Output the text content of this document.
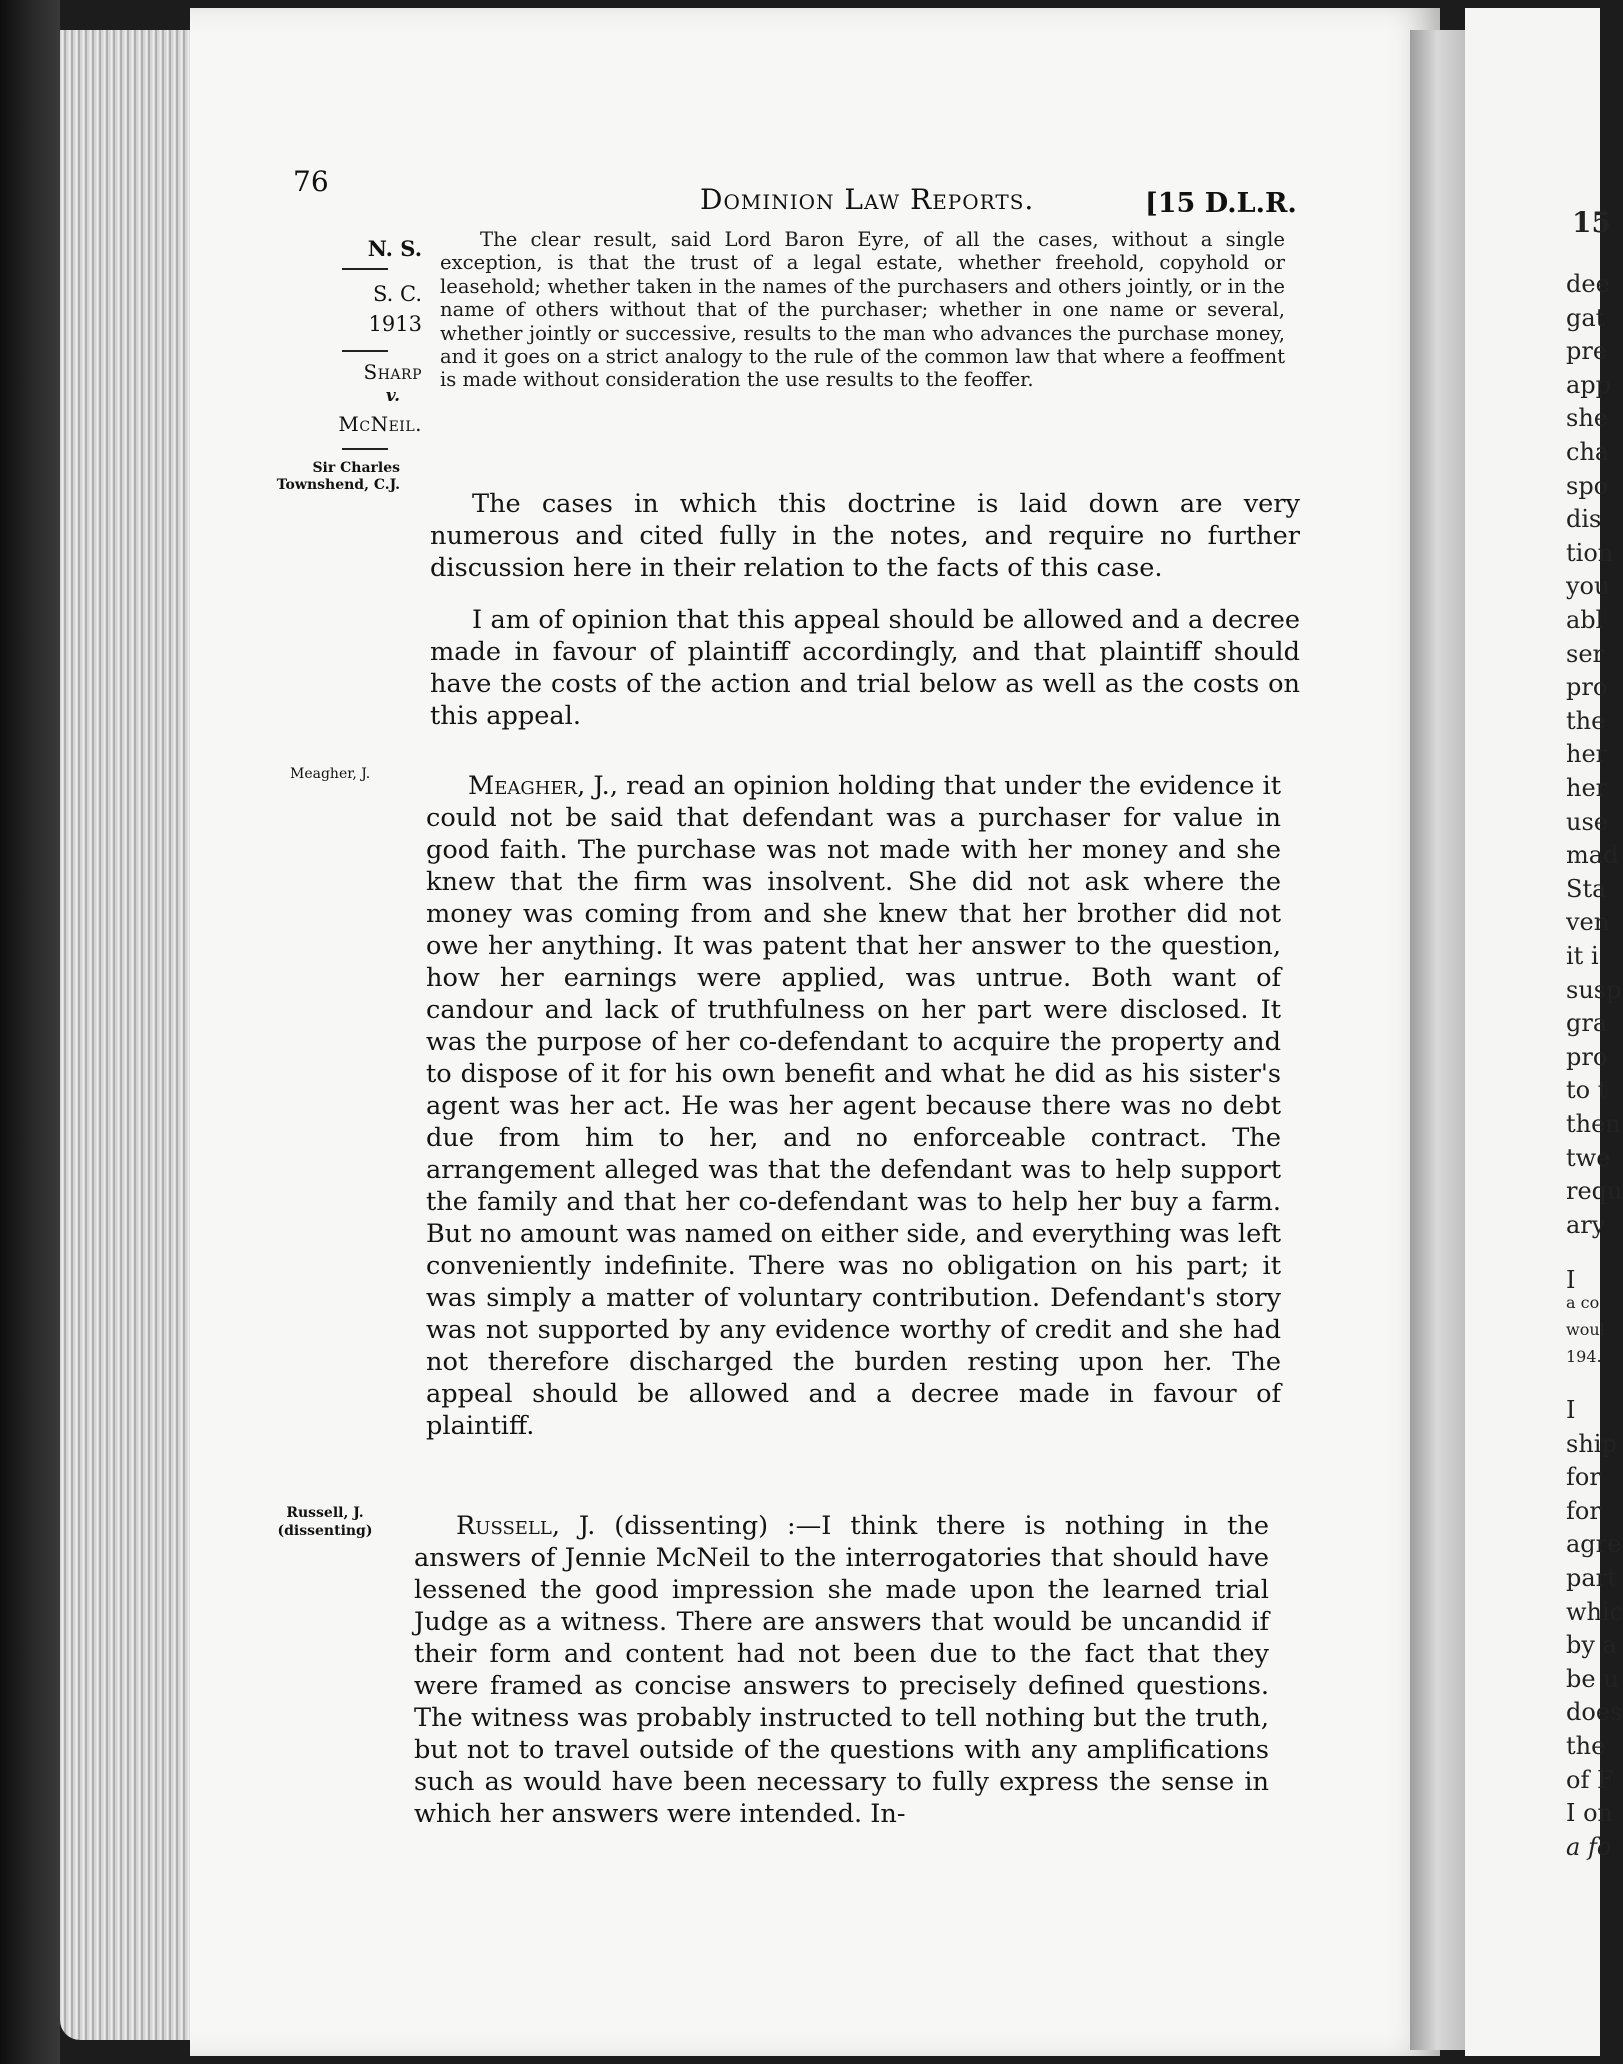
15
dee
gat
pre
app
she
cha
spo
dis
tion
you
abl
ser
pro
the
her
her
use
mad
Sta
ven
it i
susp
gra
pro
to t
then
twe
requ
ary
I
a co
woul
194.
I
ship
for
for
agre
part
whic
by a
be u
does
the
of F
I on
a fo
76
Dominion Law Reports.	[15 D.L.R.
N. S.
S. C.
1913
Sharp
v.
McNeil.
Sir Charles Townshend, C.J.
Meagher, J.
Russell, J.
(dissenting)

The clear result, said Lord Baron Eyre, of all the cases, without a single exception, is that the trust of a legal estate, whether freehold, copyhold or leasehold; whether taken in the names of the purchasers and others jointly, or in the name of others without that of the purchaser; whether in one name or several, whether jointly or successive, results to the man who advances the purchase money, and it goes on a strict analogy to the rule of the common law that where a feoffment is made without consideration the use results to the feoffer.

The cases in which this doctrine is laid down are very numerous and cited fully in the notes, and require no further discussion here in their relation to the facts of this case.

I am of opinion that this appeal should be allowed and a decree made in favour of plaintiff accordingly, and that plaintiff should have the costs of the action and trial below as well as the costs on this appeal.

Meagher, J., read an opinion holding that under the evidence it could not be said that defendant was a purchaser for value in good faith. The purchase was not made with her money and she knew that the firm was insolvent. She did not ask where the money was coming from and she knew that her brother did not owe her anything. It was patent that her answer to the question, how her earnings were applied, was untrue. Both want of candour and lack of truthfulness on her part were disclosed. It was the purpose of her co-defendant to acquire the property and to dispose of it for his own benefit and what he did as his sister's agent was her act. He was her agent because there was no debt due from him to her, and no enforceable contract. The arrangement alleged was that the defendant was to help support the family and that her co-defendant was to help her buy a farm. But no amount was named on either side, and everything was left conveniently indefinite. There was no obligation on his part; it was simply a matter of voluntary contribution. Defendant's story was not supported by any evidence worthy of credit and she had not therefore discharged the burden resting upon her. The appeal should be allowed and a decree made in favour of plaintiff.

Russell, J. (dissenting) :—I think there is nothing in the answers of Jennie McNeil to the interrogatories that should have lessened the good impression she made upon the learned trial Judge as a witness. There are answers that would be uncandid if their form and content had not been due to the fact that they were framed as concise answers to precisely defined questions. The witness was probably instructed to tell nothing but the truth, but not to travel outside of the questions with any amplifications such as would have been necessary to fully express the sense in which her answers were intended. In-
